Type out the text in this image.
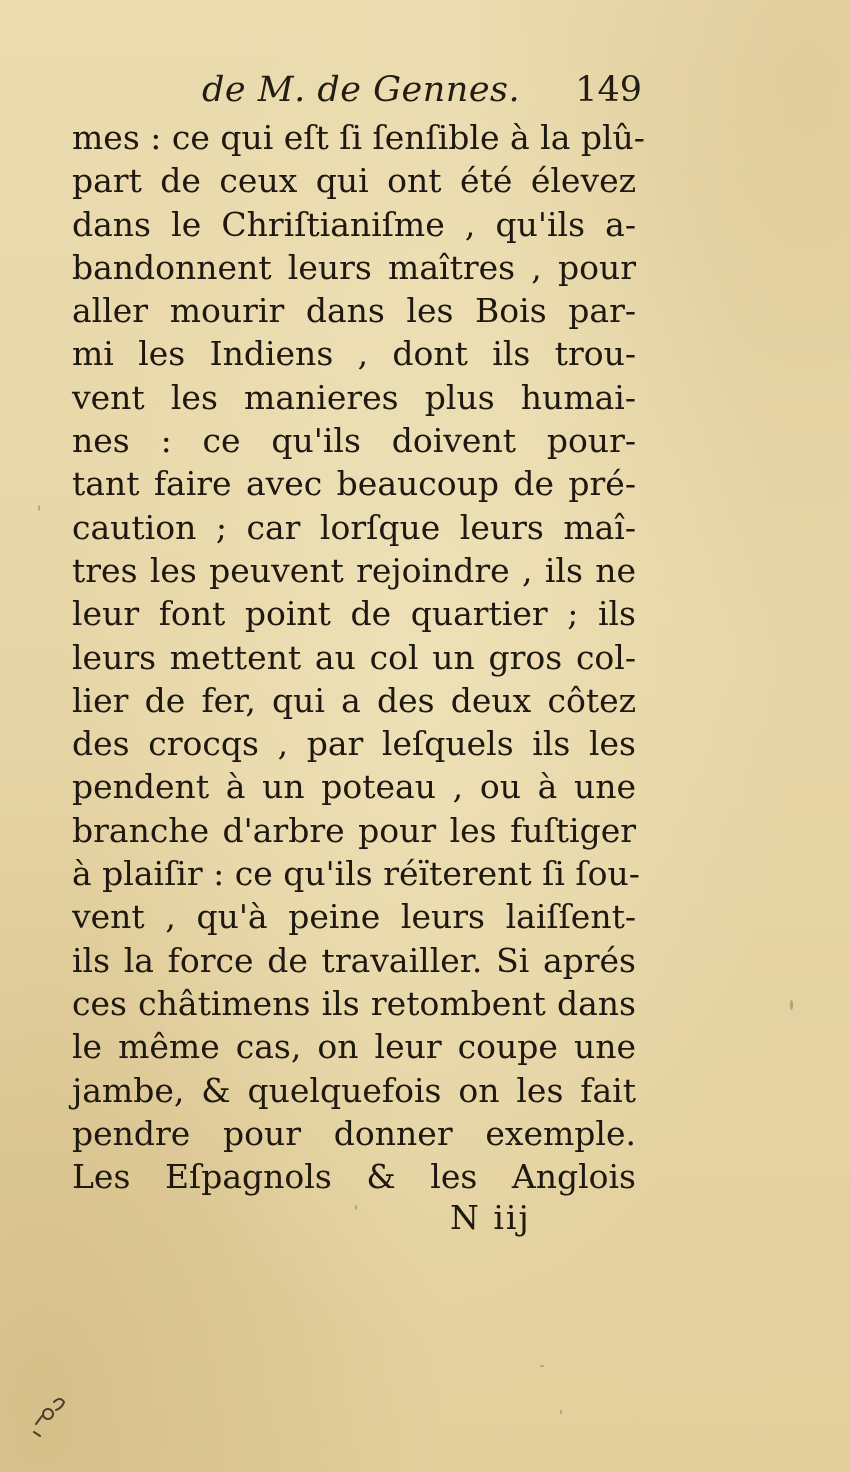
de M. de Gennes. 149
mes : ce qui eſt ſi ſenſible à la plû-
part de ceux qui ont été élevez
dans le Chriſtianiſme , qu'ils a-
bandonnent leurs maîtres , pour
aller mourir dans les Bois par-
mi les Indiens , dont ils trou-
vent les manieres plus humai-
nes : ce qu'ils doivent pour-
tant faire avec beaucoup de pré-
caution ; car lorſque leurs maî-
tres les peuvent rejoindre , ils ne
leur font point de quartier ; ils
leurs mettent au col un gros col-
lier de fer, qui a des deux côtez
des crocqs , par leſquels ils les
pendent à un poteau , ou à une
branche d'arbre pour les fuſtiger
à plaiſir : ce qu'ils réïterent ſi ſou-
vent , qu'à peine leurs laiſſent-
ils la force de travailler. Si aprés
ces châtimens ils retombent dans
le même cas, on leur coupe une
jambe, & quelquefois on les fait
pendre pour donner exemple.
Les Eſpagnols & les Anglois
N iij
